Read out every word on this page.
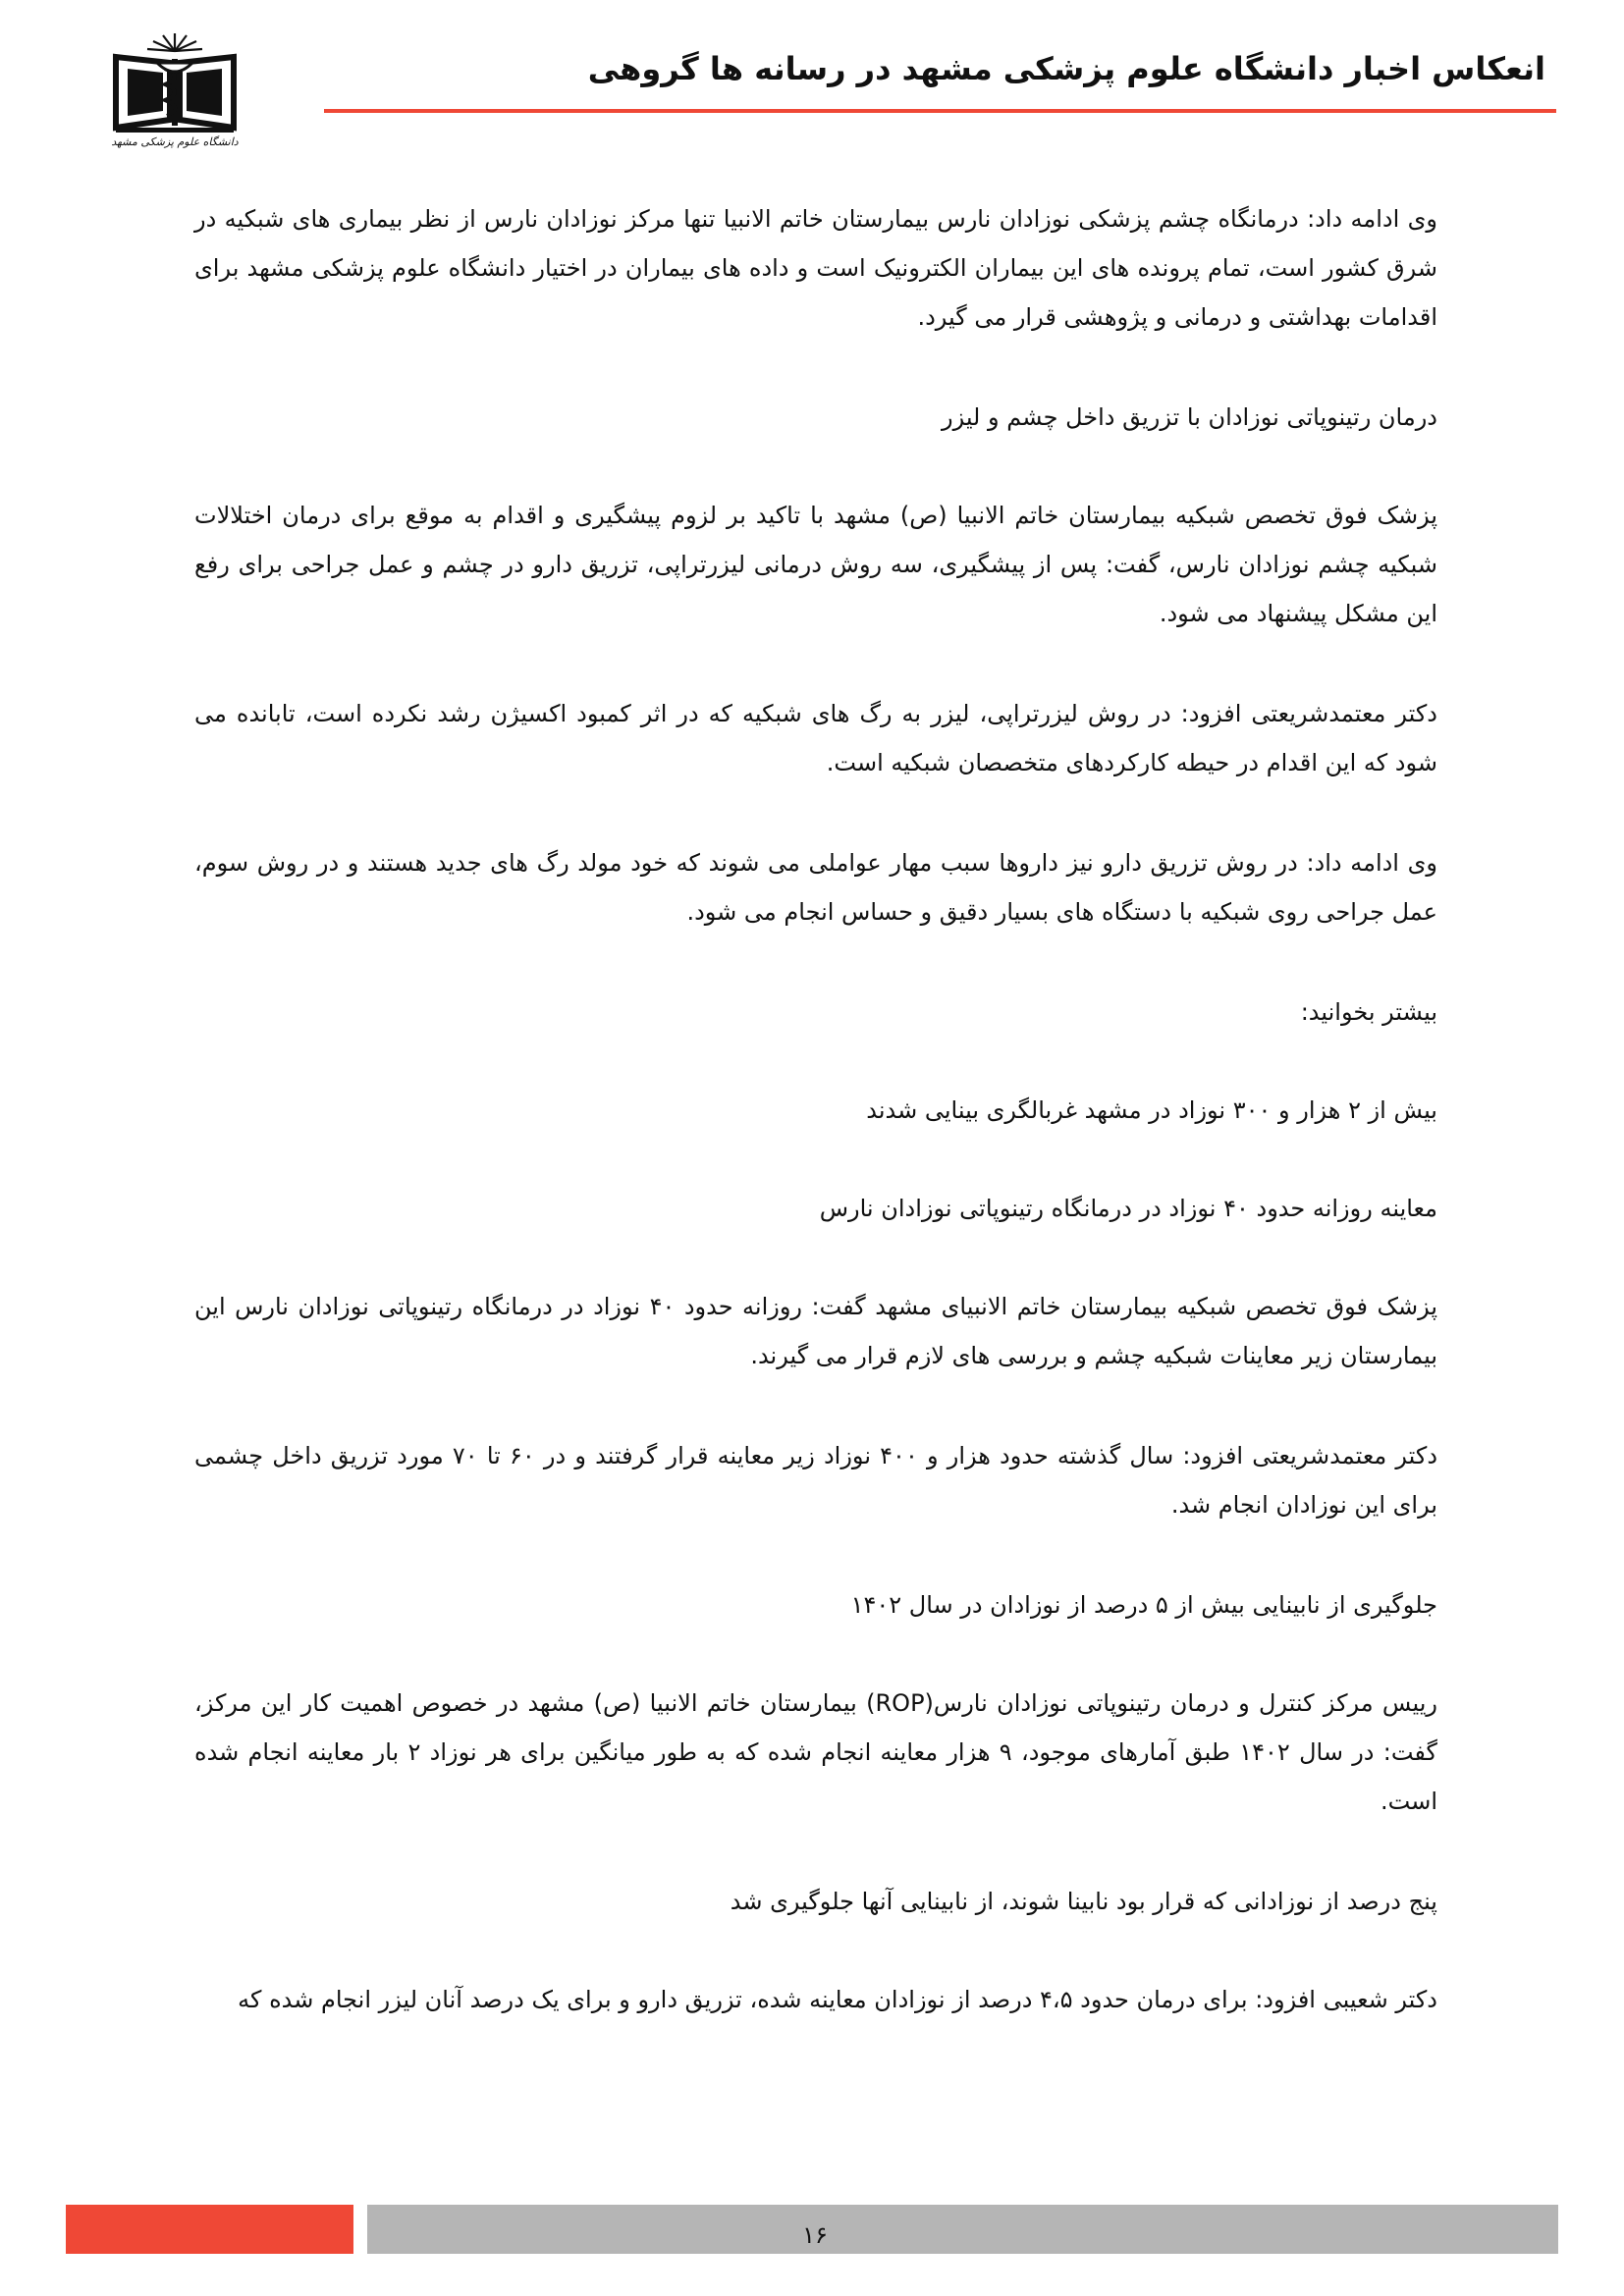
دانشگاه علوم پزشکی مشهد
انعکاس اخبار دانشگاه علوم پزشکی مشهد در رسانه ها گروهی

وی ادامه داد: درمانگاه چشم پزشکی نوزادان نارس بیمارستان خاتم الانبیا تنها مرکز نوزادان نارس از نظر بیماری های شبکیه در شرق کشور است، تمام پرونده های این بیماران الکترونیک است و داده های بیماران در اختیار دانشگاه علوم پزشکی مشهد برای اقدامات بهداشتی و درمانی و پژوهشی قرار می گیرد.

درمان رتینوپاتی نوزادان با تزریق داخل چشم و لیزر

پزشک فوق تخصص شبکیه بیمارستان خاتم الانبیا (ص) مشهد با تاکید بر لزوم پیشگیری و اقدام به موقع برای درمان اختلالات شبکیه چشم نوزادان نارس، گفت: پس از پیشگیری، سه روش درمانی لیزرتراپی، تزریق دارو در چشم و عمل جراحی برای رفع این مشکل پیشنهاد می شود.

دکتر معتمدشریعتی افزود: در روش لیزرتراپی، لیزر به رگ های شبکیه که در اثر کمبود اکسیژن رشد نکرده است، تابانده می شود که این اقدام در حیطه کارکردهای متخصصان شبکیه است.

وی ادامه داد: در روش تزریق دارو نیز داروها سبب مهار عواملی می شوند که خود مولد رگ های جدید هستند و در روش سوم، عمل جراحی روی شبکیه با دستگاه های بسیار دقیق و حساس انجام می شود.

بیشتر بخوانید:

بیش از ۲ هزار و ۳۰۰ نوزاد در مشهد غربالگری بینایی شدند

معاینه روزانه حدود ۴۰ نوزاد در درمانگاه رتینوپاتی نوزادان نارس

پزشک فوق تخصص شبکیه بیمارستان خاتم الانبیای مشهد گفت: روزانه حدود ۴۰ نوزاد در درمانگاه رتینوپاتی نوزادان نارس این بیمارستان زیر معاینات شبکیه چشم و بررسی های لازم قرار می گیرند.

دکتر معتمدشریعتی افزود: سال گذشته حدود هزار و ۴۰۰ نوزاد زیر معاینه قرار گرفتند و در ۶۰ تا ۷۰ مورد تزریق داخل چشمی برای این نوزادان انجام شد.

جلوگیری از نابینایی بیش از ۵ درصد از نوزادان در سال ۱۴۰۲

رییس مرکز کنترل و درمان رتینوپاتی نوزادان نارس(ROP) بیمارستان خاتم الانبیا (ص) مشهد در خصوص اهمیت کار این مرکز، گفت: در سال ۱۴۰۲ طبق آمارهای موجود، ۹ هزار معاینه انجام شده که به طور میانگین برای هر نوزاد ۲ بار معاینه انجام شده است.

پنج درصد از نوزادانی که قرار بود نابینا شوند، از نابینایی آنها جلوگیری شد

دکتر شعیبی افزود: برای درمان حدود ۴،۵ درصد از نوزادان معاینه شده، تزریق دارو و برای یک درصد آنان لیزر انجام شده که

۱۶
